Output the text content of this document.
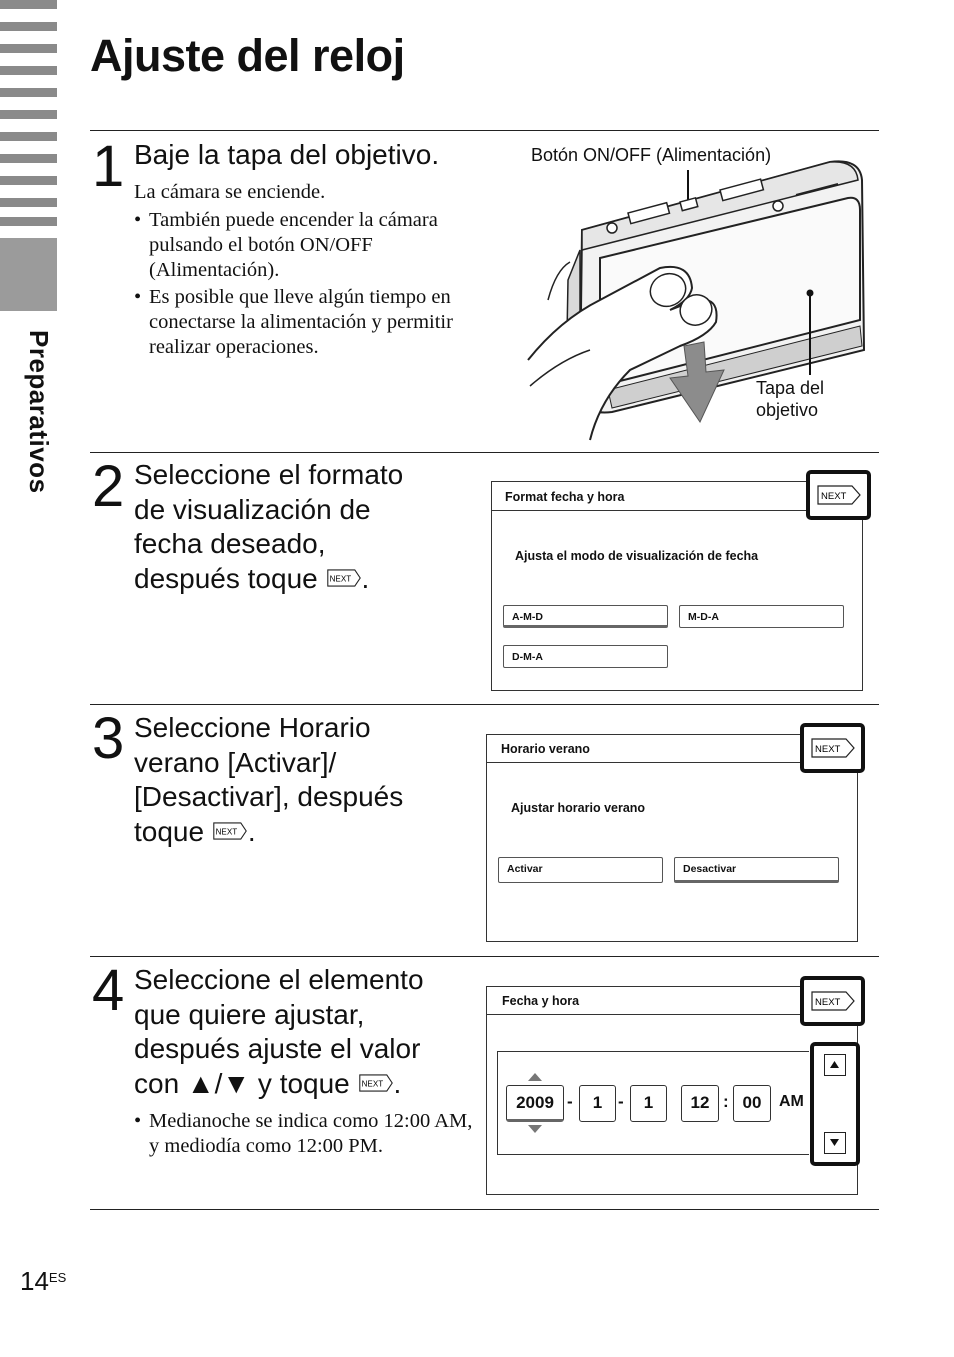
Preparativos
Ajuste del reloj
1 Baje la tapa del objetivo.
La cámara se enciende.
• También puede encender la cámara pulsando el botón ON/OFF (Alimentación).
• Es posible que lleve algún tiempo en conectarse la alimentación y permitir realizar operaciones.
Botón ON/OFF (Alimentación)
Tapa del objetivo
2 Seleccione el formato
de visualización de
fecha deseado,
después toque NEXT .
Format fecha y hora
Ajusta el modo de visualización de fecha
A-M-D	M-D-A
D-M-A
NEXT
3 Seleccione Horario
verano [Activar]/
[Desactivar], después
toque NEXT .
Horario verano
Ajustar horario verano
Activar	Desactivar
NEXT
4 Seleccione el elemento
que quiere ajustar,
después ajuste el valor
con ▲/▼ y toque NEXT .
• Medianoche se indica como 12:00 AM, y mediodía como 12:00 PM.
Fecha y hora
2009 -	1 -	1	12 : 00	AM
NEXT
$14^{ES}$
